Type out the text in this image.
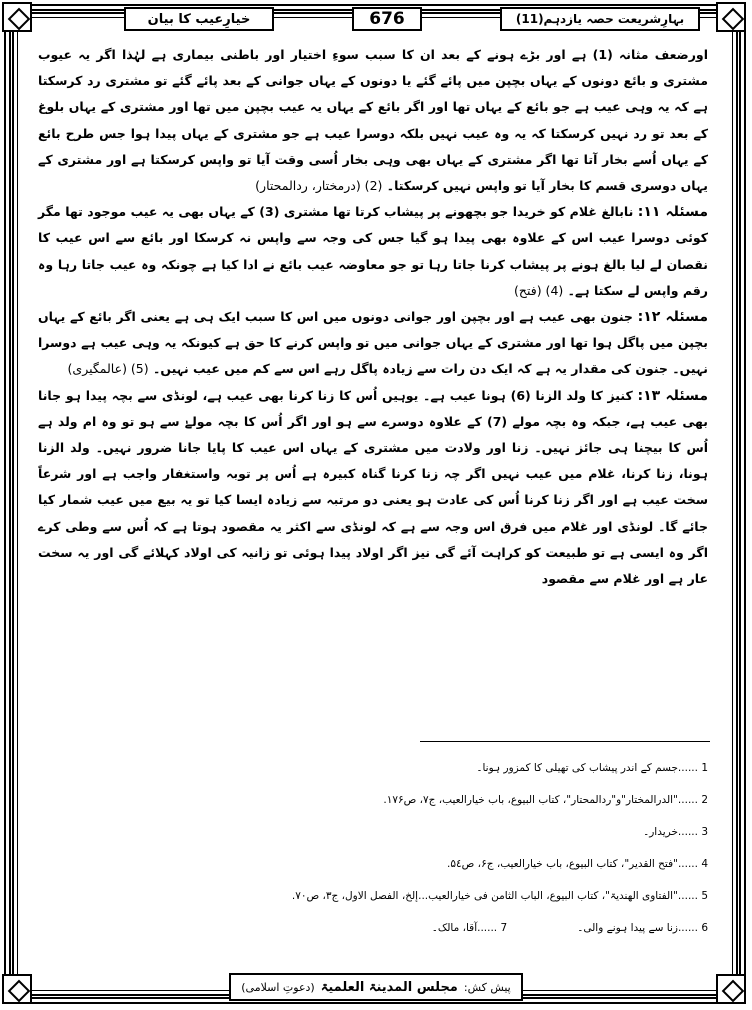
خیارِعیب کا بیان	676	بہارِشریعت حصہ یازدہم(11)

اورضعف مثانہ (1) ہے اور بڑے ہونے کے بعد ان کا سبب سوءِ اختیار اور باطنی بیماری ہے لہٰذا اگر یہ عیوب مشتری و بائع دونوں کے یہاں بچپن میں پائے گئے یا دونوں کے یہاں جوانی کے بعد پائے گئے تو مشتری رد کرسکتا ہے کہ یہ وہی عیب ہے جو بائع کے یہاں تھا اور اگر بائع کے یہاں یہ عیب بچپن میں تھا اور مشتری کے یہاں بلوغ کے بعد تو رد نہیں کرسکتا کہ یہ وہ عیب نہیں بلکہ دوسرا عیب ہے جو مشتری کے یہاں پیدا ہوا جس طرح بائع کے یہاں اُسے بخار آتا تھا اگر مشتری کے یہاں بھی وہی بخار اُسی وقت آیا تو واپس کرسکتا ہے اور مشتری کے یہاں دوسری قسم کا بخار آیا تو واپس نہیں کرسکتا۔ (2) (درمختار، ردالمحتار)

مسئلہ ۱۱: نابالغ غلام کو خریدا جو بچھونے پر پیشاب کرتا تھا مشتری (3) کے یہاں بھی یہ عیب موجود تھا مگر کوئی دوسرا عیب اس کے علاوہ بھی پیدا ہو گیا جس کی وجہ سے واپس نہ کرسکا اور بائع سے اس عیب کا نقصان لے لیا بالغ ہونے پر پیشاب کرنا جاتا رہا تو جو معاوضہ عیب بائع نے ادا کیا ہے چونکہ وہ عیب جاتا رہا وہ رقم واپس لے سکتا ہے۔ (4) (فتح)

مسئلہ ۱۲: جنون بھی عیب ہے اور بچپن اور جوانی دونوں میں اس کا سبب ایک ہی ہے یعنی اگر بائع کے یہاں بچپن میں پاگل ہوا تھا اور مشتری کے یہاں جوانی میں تو واپس کرنے کا حق ہے کیونکہ یہ وہی عیب ہے دوسرا نہیں۔ جنون کی مقدار یہ ہے کہ ایک دن رات سے زیادہ پاگل رہے اس سے کم میں عیب نہیں۔ (5) (عالمگیری)

مسئلہ ۱۳: کنیز کا ولد الزنا (6) ہونا عیب ہے۔ یوہیں اُس کا زنا کرنا بھی عیب ہے، لونڈی سے بچہ پیدا ہو جانا بھی عیب ہے، جبکہ وہ بچہ مولے (7) کے علاوہ دوسرے سے ہو اور اگر اُس کا بچہ مولےٰ سے ہو تو وہ ام ولد ہے اُس کا بیچنا ہی جائز نہیں۔ زنا اور ولادت میں مشتری کے یہاں اس عیب کا پایا جانا ضرور نہیں۔ ولد الزنا ہونا، زنا کرنا، غلام میں عیب نہیں اگر چہ زنا کرنا گناہ کبیرہ ہے اُس پر توبہ واستغفار واجب ہے اور شرعاً سخت عیب ہے اور اگر زنا کرنا اُس کی عادت ہو یعنی دو مرتبہ سے زیادہ ایسا کیا تو یہ بیع میں عیب شمار کیا جائے گا۔ لونڈی اور غلام میں فرق اس وجہ سے ہے کہ لونڈی سے اکثر یہ مقصود ہوتا ہے کہ اُس سے وطی کرے اگر وہ ایسی ہے تو طبیعت کو کراہت آئے گی نیز اگر اولاد پیدا ہوئی تو زانیہ کی اولاد کہلائے گی اور یہ سخت عار ہے اور غلام سے مقصود

1 ......جسم کے اندر پیشاب کی تھیلی کا کمزور ہونا۔
2 ......"الدرالمختار"و"ردالمحتار"، کتاب البیوع، باب خیارالعیب، ج۷، ص۱۷۶.
3 ......خریدار۔
4 ......"فتح القدیر"، کتاب البیوع، باب خیارالعیب، ج۶، ص۵٤.
5 ......"الفتاوی الھندیۃ"، کتاب البیوع، الباب الثامن فی خیارالعیب...إلخ، الفصل الاول، ج۳، ص۷۰.
6 ......زنا سے پیدا ہونے والی۔
7 ......آقا، مالک۔
پیش کش:
مجلس المدینۃ العلمیۃ
(دعوتِ اسلامی)
